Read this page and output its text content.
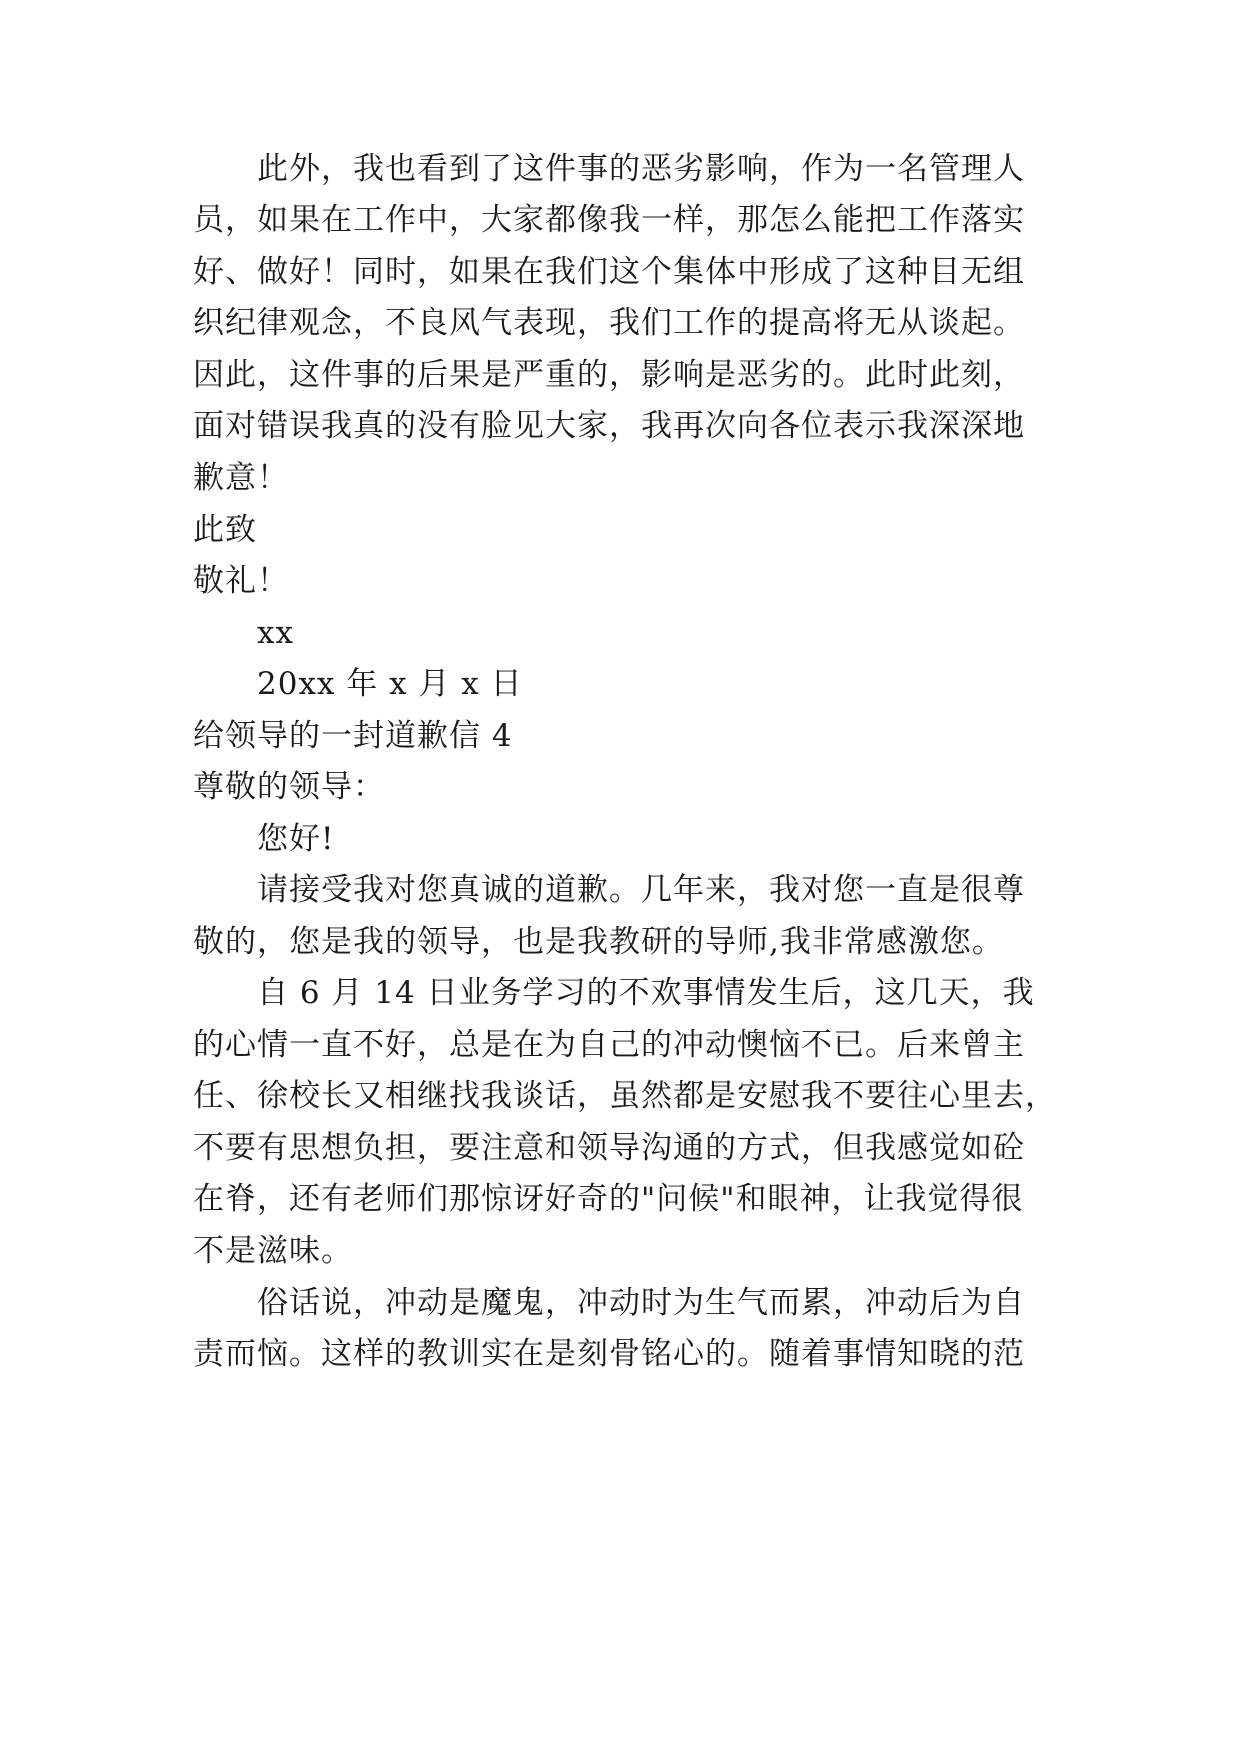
此外，我也看到了这件事的恶劣影响，作为一名管理人
员，如果在工作中，大家都像我一样，那怎么能把工作落实
好、做好！同时，如果在我们这个集体中形成了这种目无组
织纪律观念，不良风气表现，我们工作的提高将无从谈起。
因此，这件事的后果是严重的，影响是恶劣的。此时此刻，
面对错误我真的没有脸见大家，我再次向各位表示我深深地
歉意！
此致
敬礼！
xx
20xx 年 x 月 x 日
给领导的一封道歉信 4
尊敬的领导：
您好!
请接受我对您真诚的道歉。几年来，我对您一直是很尊
敬的，您是我的领导，也是我教研的导师,我非常感激您。
自 6 月 14 日业务学习的不欢事情发生后，这几天，我
的心情一直不好，总是在为自己的冲动懊恼不已。后来曾主
任、徐校长又相继找我谈话，虽然都是安慰我不要往心里去，
不要有思想负担，要注意和领导沟通的方式，但我感觉如砼
在脊，还有老师们那惊讶好奇的"问候"和眼神，让我觉得很
不是滋味。
俗话说，冲动是魔鬼，冲动时为生气而累，冲动后为自
责而恼。这样的教训实在是刻骨铭心的。随着事情知晓的范
